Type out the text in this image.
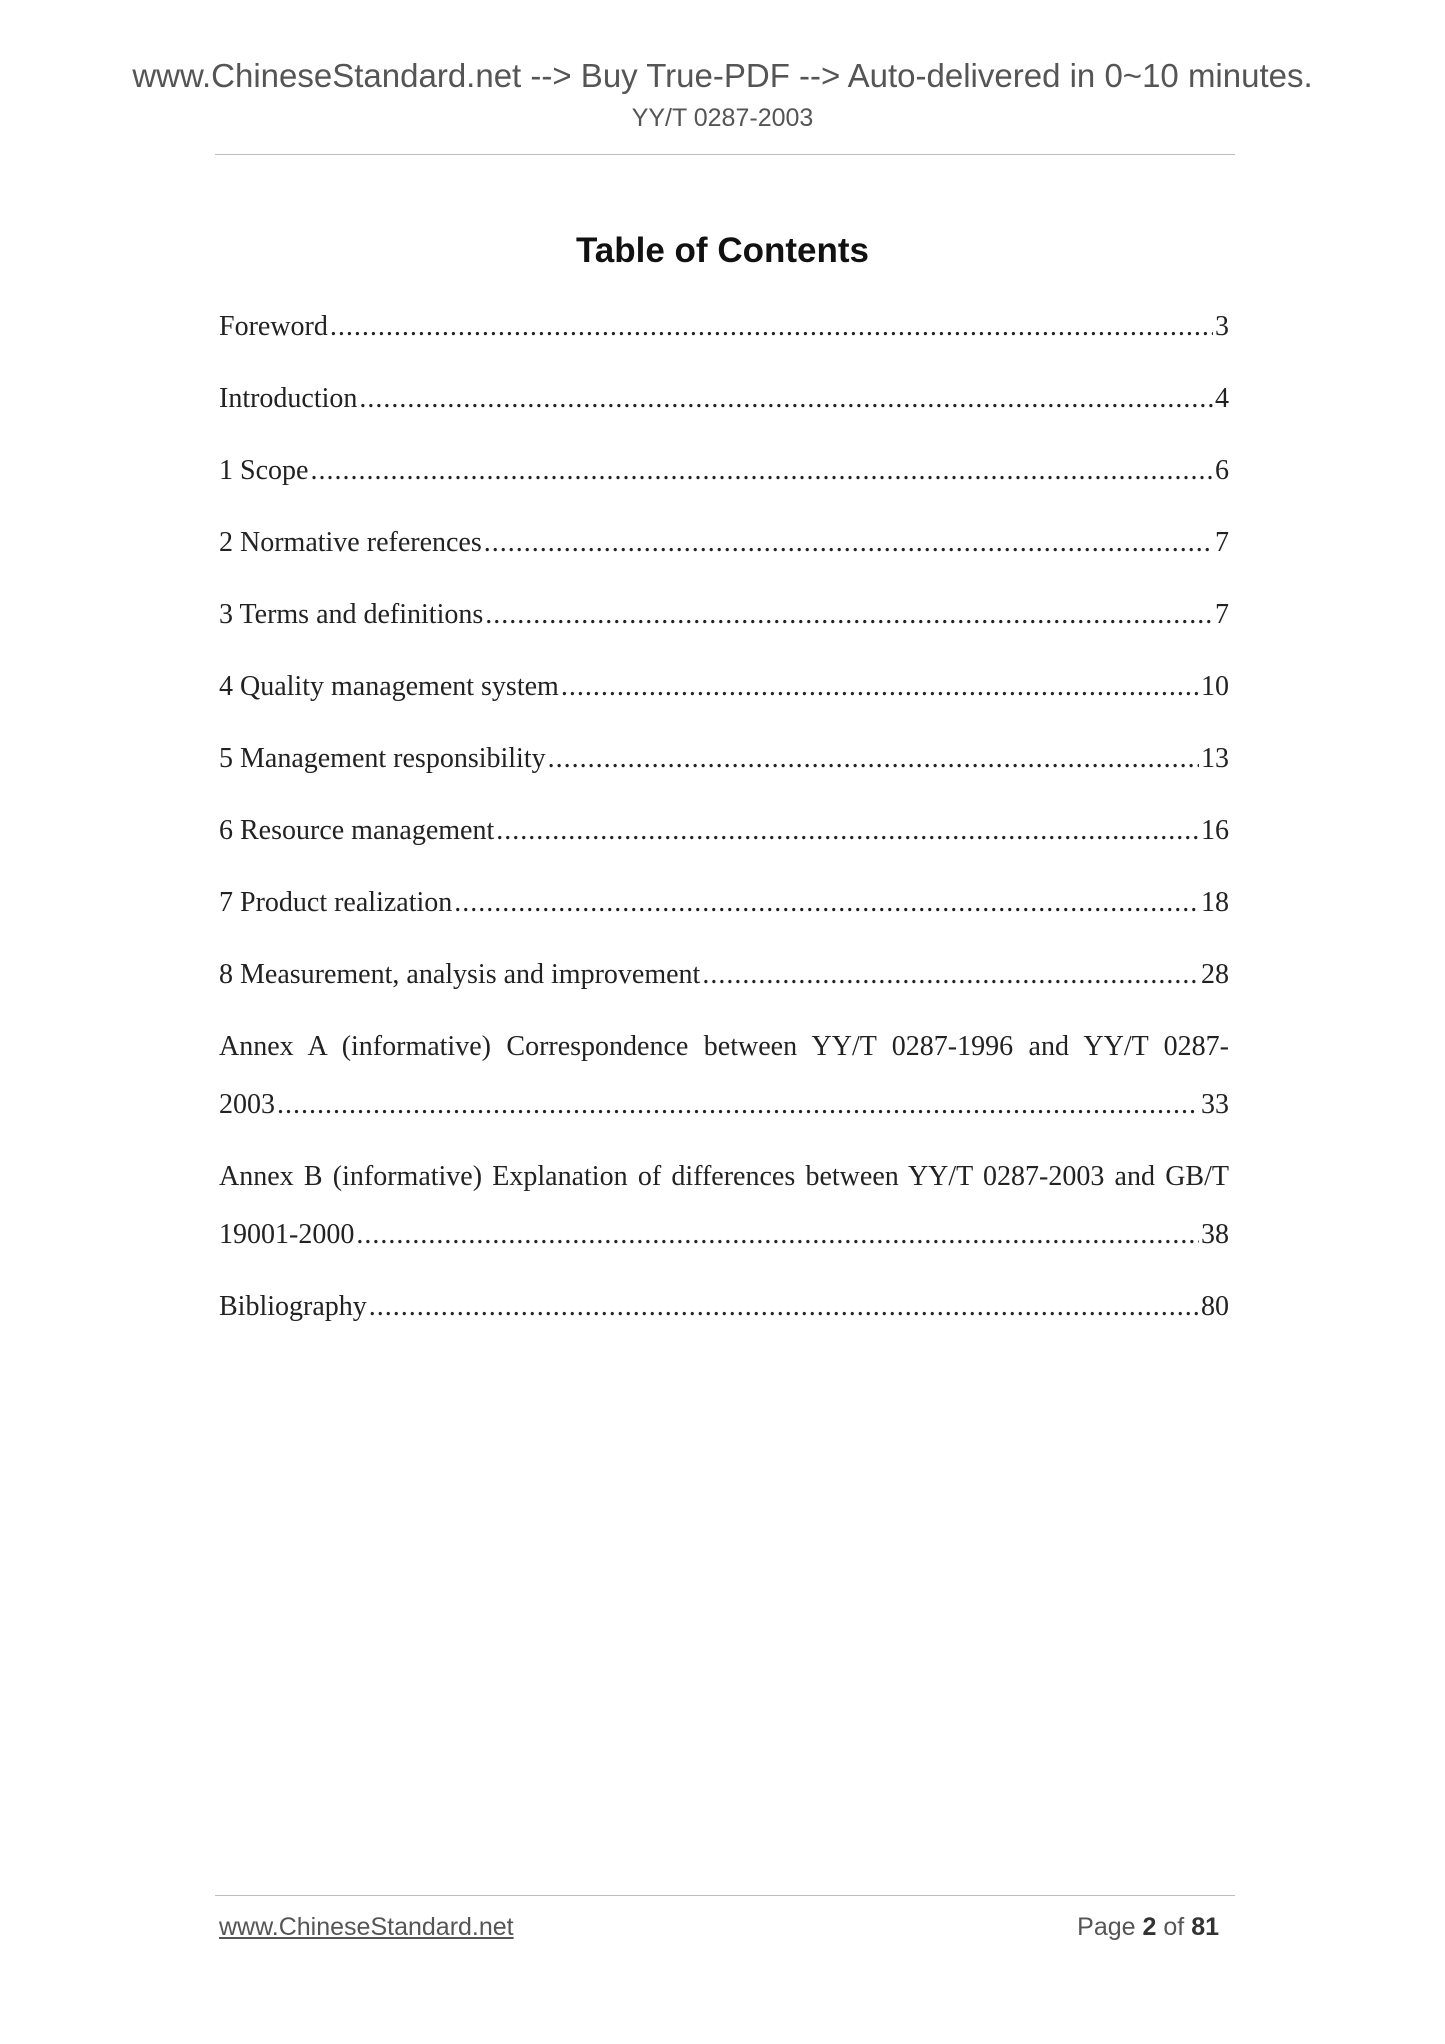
www.ChineseStandard.net --> Buy True-PDF --> Auto-delivered in 0~10 minutes.
YY/T 0287-2003
Table of Contents
Foreword .....	3
Introduction .....	4
1 Scope .....	6
2 Normative references .....	7
3 Terms and definitions .....	7
4 Quality management system .....	10
5 Management responsibility .....	13
6 Resource management .....	16
7 Product realization .....	18
8 Measurement, analysis and improvement .....	28
Annex A (informative) Correspondence between YY/T 0287-1996 and YY/T 0287-
2003 .....	33
Annex B (informative) Explanation of differences between YY/T 0287-2003 and GB/T
19001-2000 .....	38
Bibliography .....	80
www.ChineseStandard.net	Page 2 of 81
